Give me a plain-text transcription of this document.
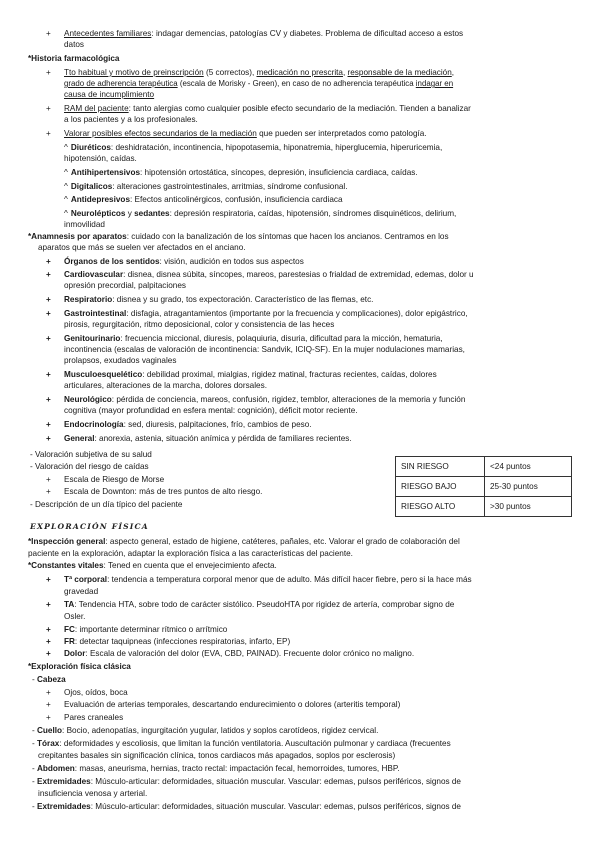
+ Antecedentes familiares: indagar demencias, patologías CV y diabetes. Problema de dificultad acceso a estos
datos
*Historia farmacológica
+ Tto habitual y motivo de preinscripción (5 correctos), medicación no prescrita, responsable de la mediación,
grado de adherencia terapéutica (escala de Morisky - Green), en caso de no adherencia terapéutica indagar en
causa de incumplimiento
+ RAM del paciente: tanto alergias como cualquier posible efecto secundario de la mediación. Tienden a banalizar
a los pacientes y a los profesionales.
+ Valorar posibles efectos secundarios de la mediación que pueden ser interpretados como patología.
^ Diuréticos: deshidratación, incontinencia, hipopotasemia, hiponatremia, hiperglucemia, hiperuricemia,
hipotensión, caídas.
^ Antihipertensivos: hipotensión ortostática, síncopes, depresión, insuficiencia cardiaca, caídas.
^ Digitalicos: alteraciones gastrointestinales, arritmias, síndrome confusional.
^ Antidepresivos: Efectos anticolinérgicos, confusión, insuficiencia cardiaca
^ Neurolépticos y sedantes: depresión respiratoria, caídas, hipotensión, síndromes disquinéticos, delirium,
inmovilidad
*Anamnesis por aparatos: cuidado con la banalización de los síntomas que hacen los ancianos. Centramos en los
aparatos que más se suelen ver afectados en el anciano.
+ Órganos de los sentidos: visión, audición en todos sus aspectos
+ Cardiovascular: disnea, disnea súbita, síncopes, mareos, parestesias o frialdad de extremidad, edemas, dolor u
opresión precordial, palpitaciones
+ Respiratorio: disnea y su grado, tos expectoración. Característico de las flemas, etc.
+ Gastrointestinal: disfagia, atragantamientos (importante por la frecuencia y complicaciones), dolor epigástrico,
pirosis, regurgitación, ritmo deposicional, color y consistencia de las heces
+ Genitourinario: frecuencia miccional, diuresis, polaquiuria, disuria, dificultad para la micción, hematuria,
incontinencia (escalas de valoración de incontinencia: Sandvik, ICIQ-SF). En la mujer nodulaciones mamarias,
prolapsos, exudados vaginales
+ Musculoesquelético: debilidad proximal, mialgias, rigidez matinal, fracturas recientes, caídas, dolores
articulares, alteraciones de la marcha, dolores dorsales.
+ Neurológico: pérdida de conciencia, mareos, confusión, rigidez, temblor, alteraciones de la memoria y función
cognitiva (mayor profundidad en esfera mental: cognición), déficit motor reciente.
+ Endocrinología: sed, diuresis, palpitaciones, frío, cambios de peso.
+ General: anorexia, astenia, situación anímica y pérdida de familiares recientes.
- Valoración subjetiva de su salud
- Valoración del riesgo de caídas
+ Escala de Riesgo de Morse
+ Escala de Downton: más de tres puntos de alto riesgo.
- Descripción de un día típico del paciente
SIN RIESGO	<24 puntos
RIESGO BAJO	25-30 puntos
RIESGO ALTO	>30 puntos
EXPLORACIÓN FÍSICA
*Inspección general: aspecto general, estado de higiene, catéteres, pañales, etc. Valorar el grado de colaboración del
paciente en la exploración, adaptar la exploración física a las características del paciente.
*Constantes vitales: Tened en cuenta que el envejecimiento afecta.
+ Tª corporal: tendencia a temperatura corporal menor que de adulto. Más difícil hacer fiebre, pero si la hace más
gravedad
+ TA: Tendencia HTA, sobre todo de carácter sistólico. PseudoHTA por rigidez de artería, comprobar signo de
Osler.
+ FC: importante determinar rítmico o arrítmico
+ FR: detectar taquipneas (infecciones respiratorias, infarto, EP)
+ Dolor: Escala de valoración del dolor (EVA, CBD, PAINAD). Frecuente dolor crónico no maligno.
*Exploración física clásica
- Cabeza
+ Ojos, oídos, boca
+ Evaluación de arterias temporales, descartando endurecimiento o dolores (arteritis temporal)
+ Pares craneales
- Cuello: Bocio, adenopatías, ingurgitación yugular, latidos y soplos carotídeos, rigidez cervical.
- Tórax: deformidades y escoliosis, que limitan la función ventilatoria. Auscultación pulmonar y cardiaca (frecuentes
crepitantes basales sin significación clínica, tonos cardiacos más apagados, soplos por esclerosis)
- Abdomen: masas, aneurisma, hernias, tracto rectal: impactación fecal, hemorroides, tumores, HBP.
- Extremidades: Músculo-articular: deformidades, situación muscular. Vascular: edemas, pulsos periféricos, signos de
insuficiencia venosa y arterial.
- Extremidades: Músculo-articular: deformidades, situación muscular. Vascular: edemas, pulsos periféricos, signos de
